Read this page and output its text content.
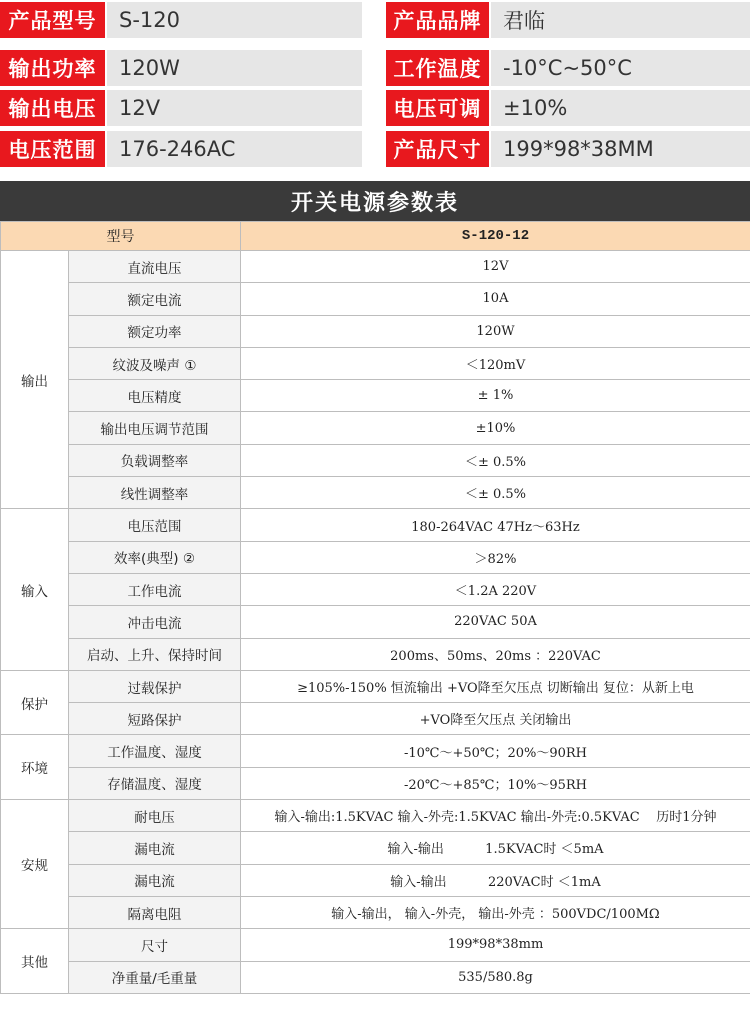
产品型号	S-120	产品品牌	君临
输出功率	120W	工作温度	-10°C~50°C
输出电压	12V	电压可调	±10%
电压范围	176-246AC	产品尺寸	199*98*38MM
开关电源参数表
型号		S-120-12
输出	直流电压	12V
	额定电流	10A
	额定功率	120W
	纹波及噪声 ①	＜120mV
	电压精度	± 1%
	输出电压调节范围	±10%
	负载调整率	＜± 0.5%
	线性调整率	＜± 0.5%
输入	电压范围	180-264VAC 47Hz～63Hz
	效率(典型) ②	＞82%
	工作电流	＜1.2A 220V
	冲击电流	220VAC 50A
	启动、上升、保持时间	200ms、50ms、20ms ：220VAC
保护	过载保护	≥105%-150% 恒流输出 +VO降至欠压点 切断输出 复位：从新上电
	短路保护	+VO降至欠压点 关闭输出
环境	工作温度、湿度	-10℃～+50℃；20%～90RH
	存储温度、湿度	-20℃～+85℃；10%～95RH
安规	耐电压	输入-输出:1.5KVAC 输入-外壳:1.5KVAC 输出-外壳:0.5KVAC    历时1分钟
	漏电流	输入-输出          1.5KVAC时 ＜5mA
	漏电流	输入-输出          220VAC时 ＜1mA
	隔离电阻	输入-输出， 输入-外壳， 输出-外壳 ：500VDC/100MΩ
其他	尺寸	199*98*38mm
	净重量/毛重量	535/580.8g
